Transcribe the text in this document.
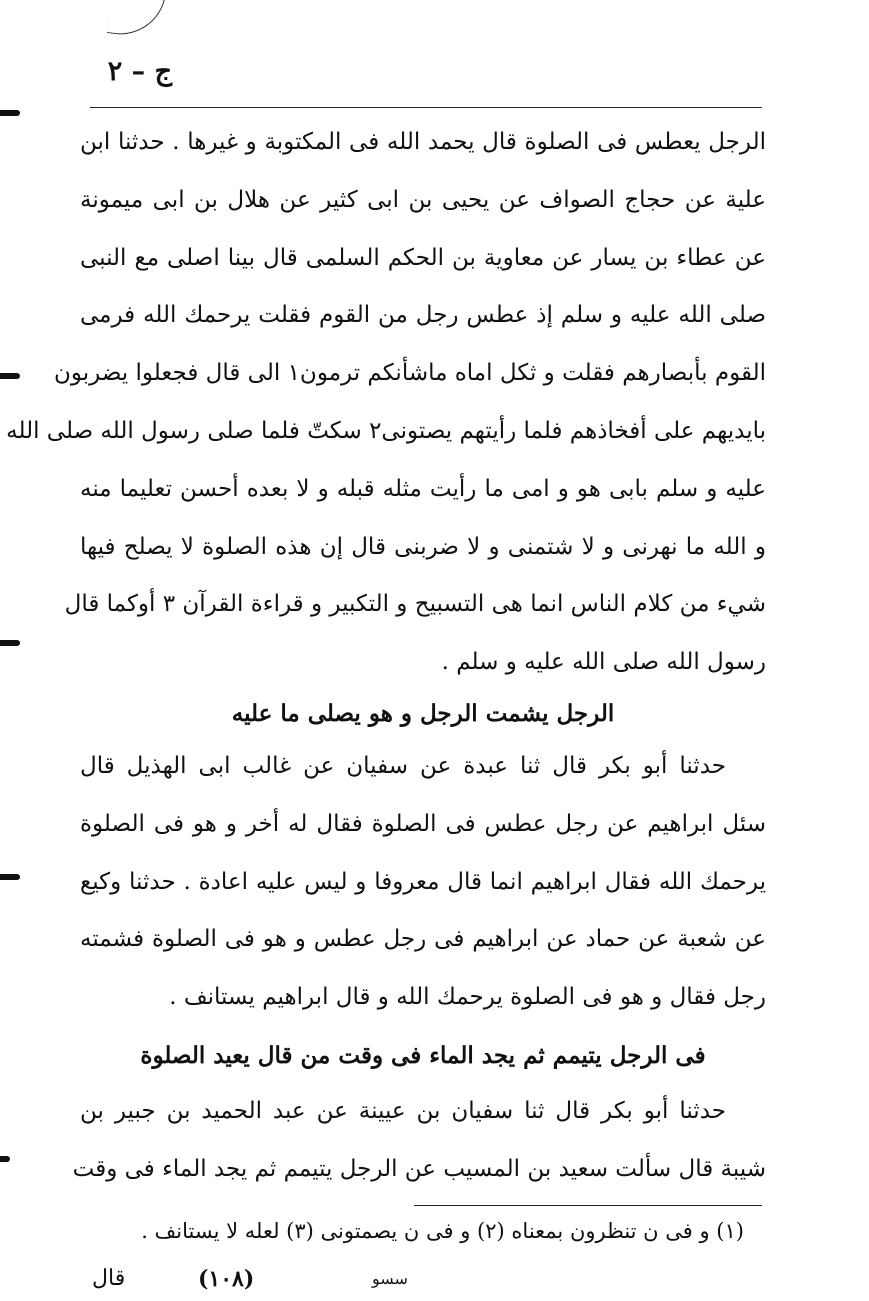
ج – ٢
الرجل يعطس فى الصلوة قال يحمد الله فى المكتوبة و غيرها . حدثنا ابن
علية عن حجاج الصواف عن يحيى بن ابى كثير عن هلال بن ابى ميمونة
عن عطاء بن يسار عن معاوية بن الحكم السلمى قال بينا اصلى مع النبى
صلى الله عليه و سلم إذ عطس رجل من القوم فقلت يرحمك الله فرمى
القوم بأبصارهم فقلت و ثكل اماه ماشأنكم ترمون١ الى قال فجعلوا يضربون
بايديهم على أفخاذهم فلما رأيتهم يصتونى٢ سكتّ فلما صلى رسول الله صلى الله
عليه و سلم بابى هو و امى ما رأيت مثله قبله و لا بعده أحسن تعليما منه
و الله ما نهرنى و لا شتمنى و لا ضربنى قال إن هذه الصلوة لا يصلح فيها
شيء من كلام الناس انما هى التسبيح و التكبير و قراءة القرآن ٣ أوكما قال
رسول الله صلى الله عليه و سلم .
الرجل يشمت الرجل و هو يصلى ما عليه
حدثنا أبو بكر قال ثنا عبدة عن سفيان عن غالب ابى الهذيل قال
سئل ابراهيم عن رجل عطس فى الصلوة فقال له أخر و هو فى الصلوة
يرحمك الله فقال ابراهيم انما قال معروفا و ليس عليه اعادة . حدثنا وكيع
عن شعبة عن حماد عن ابراهيم فى رجل عطس و هو فى الصلوة فشمته
رجل فقال و هو فى الصلوة يرحمك الله و قال ابراهيم يستانف .
فى الرجل يتيمم ثم يجد الماء فى وقت من قال يعيد الصلوة
حدثنا أبو بكر قال ثنا سفيان بن عيينة عن عبد الحميد بن جبير بن
شيبة قال سألت سعيد بن المسيب عن الرجل يتيمم ثم يجد الماء فى وقت
(١) و فى ن تنظرون بمعناه (٢) و فى ن يصمتونى (٣) لعله لا يستانف .
قال	(١٠٨)	سسو
